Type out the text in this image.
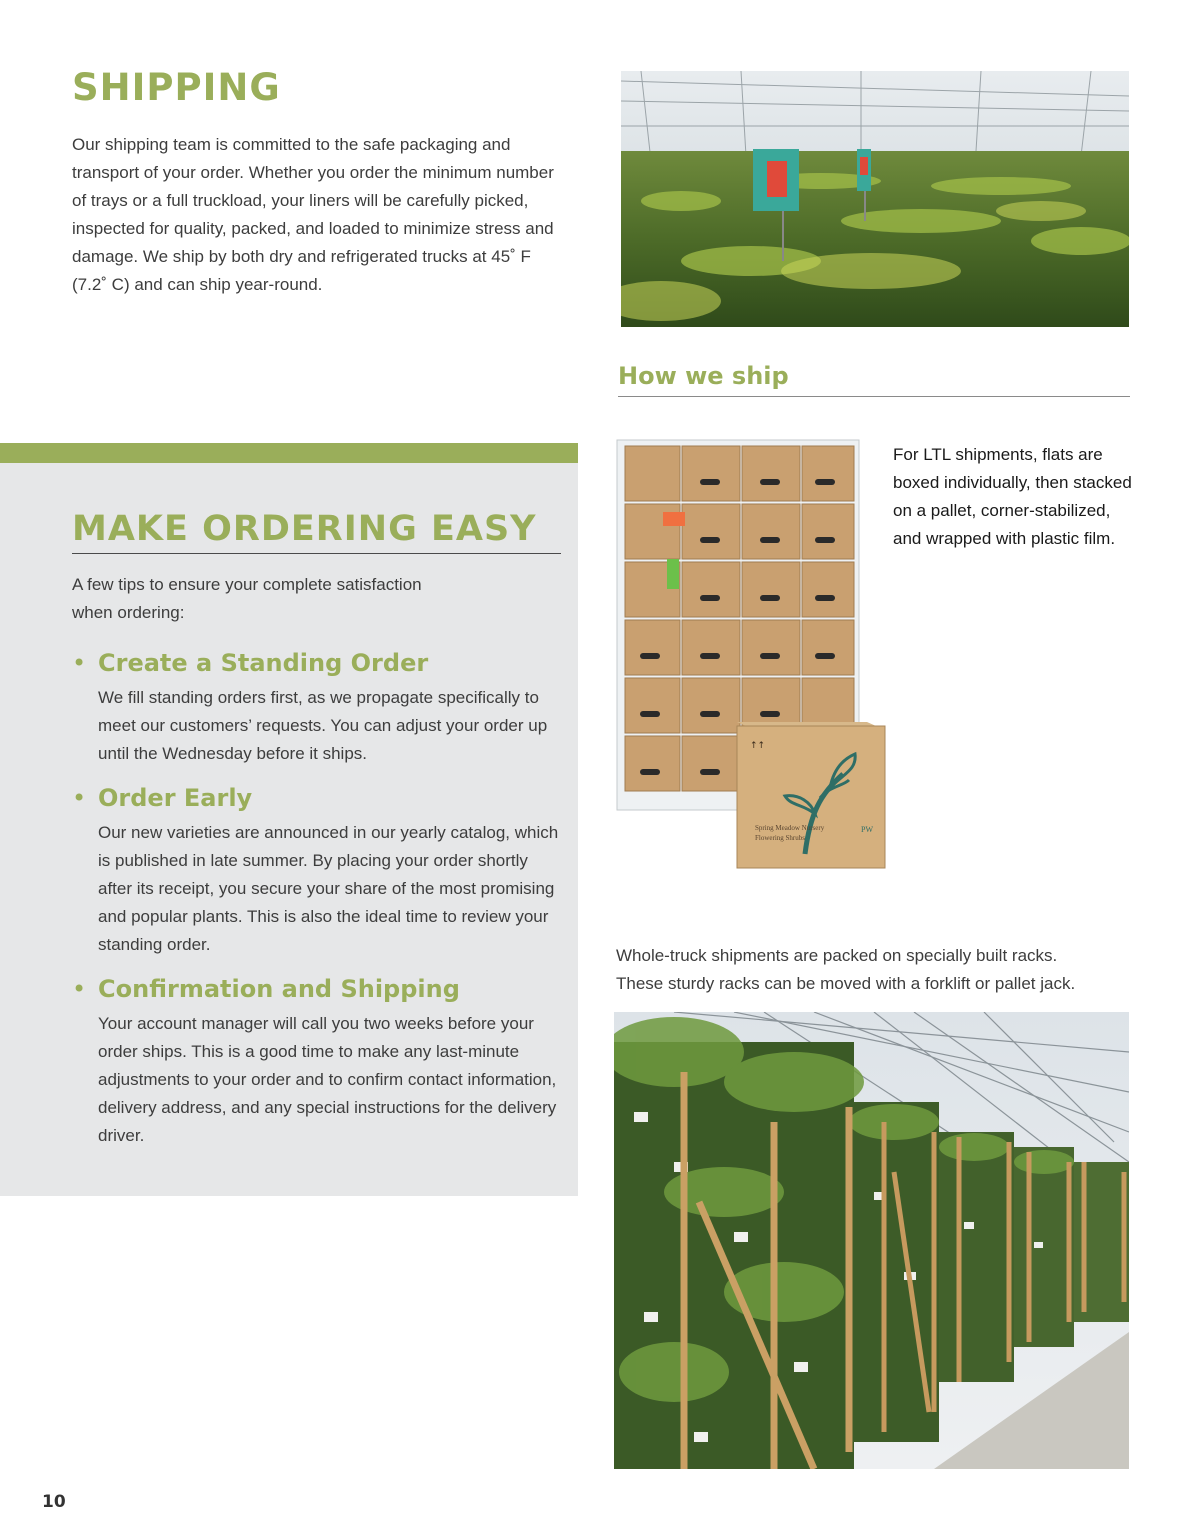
SHIPPING

Our shipping team is committed to the safe packaging and transport of your order. Whether you order the minimum number of trays or a full truckload, your liners will be carefully picked, inspected for quality, packed, and loaded to minimize stress and damage. We ship by both dry and refrigerated trucks at 45˚ F (7.2˚ C) and can ship year-round.

How we ship
Spring Meadow Nursery
Flowering Shrubs
PW
↑↑

For LTL shipments, flats are boxed individually, then stacked on a pallet, corner-stabilized, and wrapped with plastic film.

Whole-truck shipments are packed on specially built racks.
These sturdy racks can be moved with a forklift or pallet jack.

MAKE ORDERING EASY

A few tips to ensure your complete satisfaction
when ordering:

• Create a Standing Order

We fill standing orders first, as we propagate specifically to meet our customers’ requests. You can adjust your order up until the Wednesday before it ships.

• Order Early

Our new varieties are announced in our yearly catalog, which is published in late summer. By placing your order shortly after its receipt, you secure your share of the most promising and popular plants. This is also the ideal time to review your standing order.

• Confirmation and Shipping

Your account manager will call you two weeks before your order ships. This is a good time to make any last-minute adjustments to your order and to confirm contact information, delivery address, and any special instructions for the delivery driver.

10
